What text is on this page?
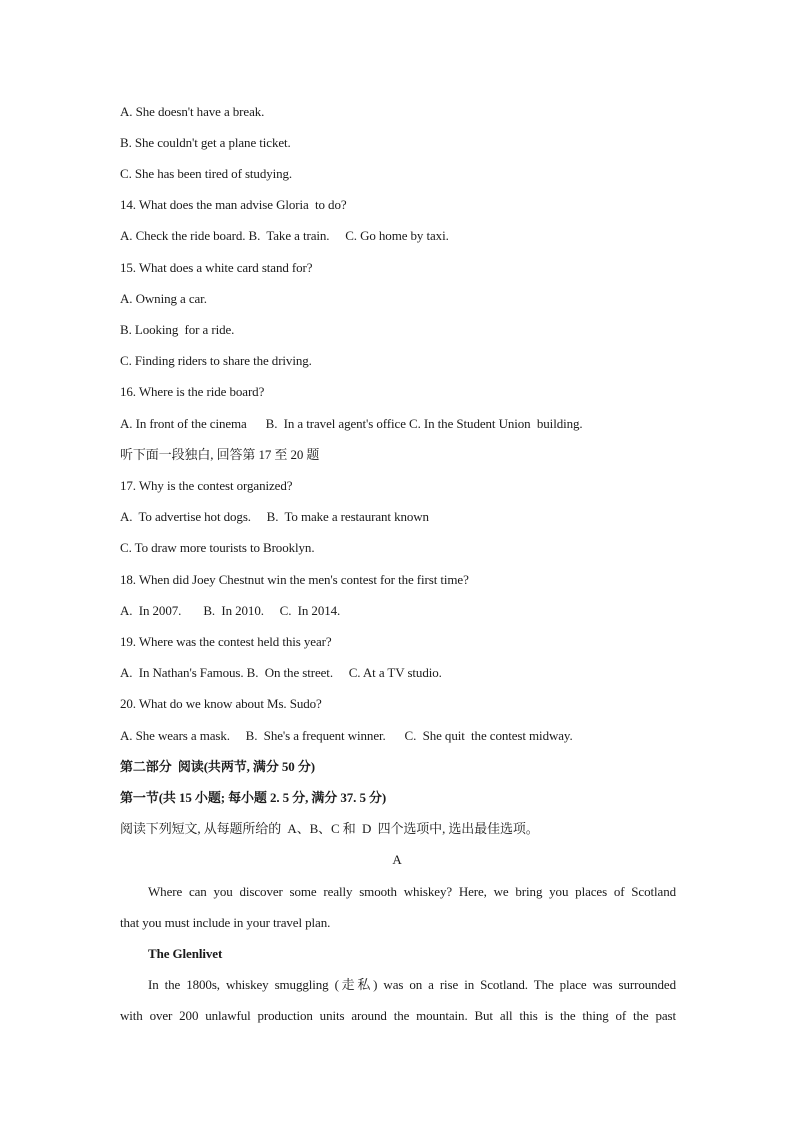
A. She doesn't have a break.
B. She couldn't get a plane ticket.
C. She has been tired of studying.
14. What does the man advise Gloria  to do?
A. Check the ride board. B.  Take a train.     C. Go home by taxi.
15. What does a white card stand for?
A. Owning a car.
B. Looking  for a ride.
C. Finding riders to share the driving.
16. Where is the ride board?
A. In front of the cinema      B.  In a travel agent's office C. In the Student Union  building.
听下面一段独白, 回答第 17 至 20 题
17. Why is the contest organized?
A.  To advertise hot dogs.     B.  To make a restaurant known
C. To draw more tourists to Brooklyn.
18. When did Joey Chestnut win the men's contest for the first time?
A.  In 2007.       B.  In 2010.     C.  In 2014.
19. Where was the contest held this year?
A.  In Nathan's Famous. B.  On the street.     C. At a TV studio.
20. What do we know about Ms. Sudo?
A. She wears a mask.     B.  She's a frequent winner.      C.  She quit  the contest midway.
第二部分  阅读(共两节, 满分 50 分)
第一节(共 15 小题; 每小题 2. 5 分, 满分 37. 5 分)
阅读下列短文, 从每题所给的  A、B、C 和  D  四个选项中, 选出最佳选项。
A
Where can you discover some really smooth whiskey? Here, we bring you places of Scotland
that you must include in your travel plan.
The Glenlivet
In the 1800s, whiskey smuggling (走私) was on a rise in Scotland. The place was surrounded
with over 200 unlawful production units around the mountain. But all this is the thing of the past
